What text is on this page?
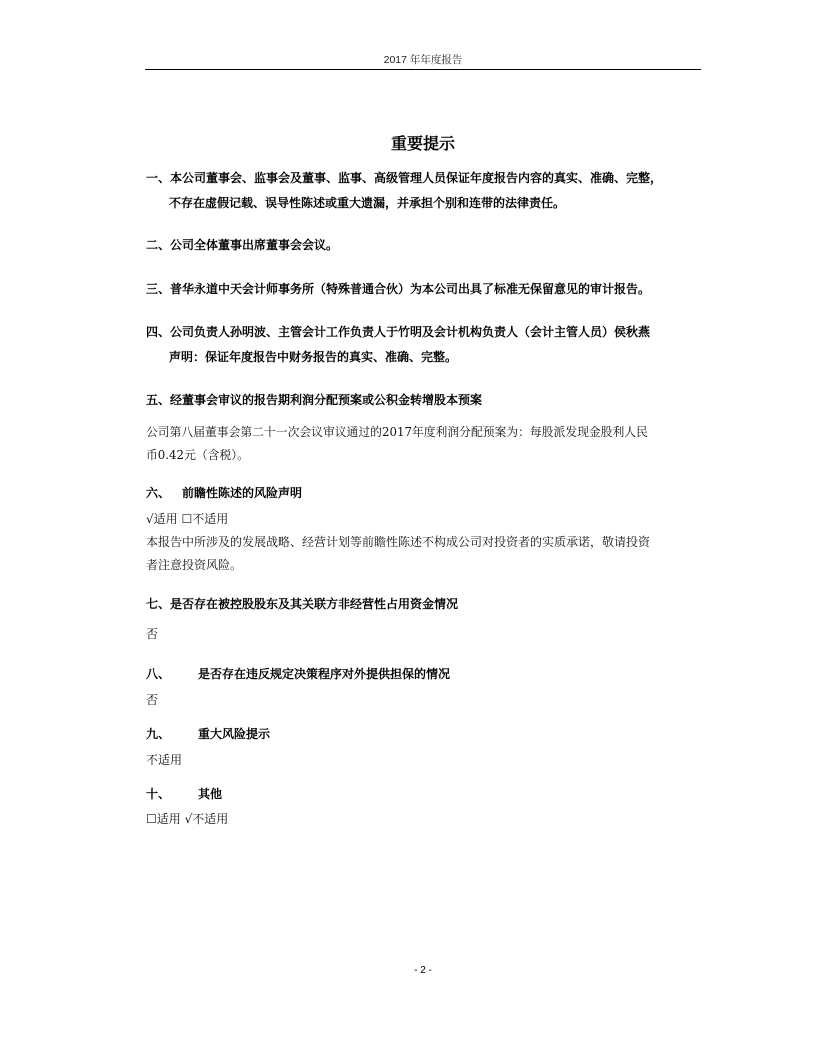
2017 年年度报告
重要提示
一、本公司董事会、监事会及董事、监事、高级管理人员保证年度报告内容的真实、准确、完整，
不存在虚假记载、误导性陈述或重大遗漏，并承担个别和连带的法律责任。
二、公司全体董事出席董事会会议。
三、普华永道中天会计师事务所（特殊普通合伙）为本公司出具了标准无保留意见的审计报告。
四、公司负责人孙明波、主管会计工作负责人于竹明及会计机构负责人（会计主管人员）侯秋燕
声明：保证年度报告中财务报告的真实、准确、完整。
五、经董事会审议的报告期利润分配预案或公积金转增股本预案
公司第八届董事会第二十一次会议审议通过的2017年度利润分配预案为：每股派发现金股利人民
币0.42元（含税）。
六、 前瞻性陈述的风险声明
√适用 ☐不适用
本报告中所涉及的发展战略、经营计划等前瞻性陈述不构成公司对投资者的实质承诺，敬请投资
者注意投资风险。
七、是否存在被控股股东及其关联方非经营性占用资金情况
否
八、 是否存在违反规定决策程序对外提供担保的情况
否
九、 重大风险提示
不适用
十、 其他
☐适用 √不适用
- 2 -
